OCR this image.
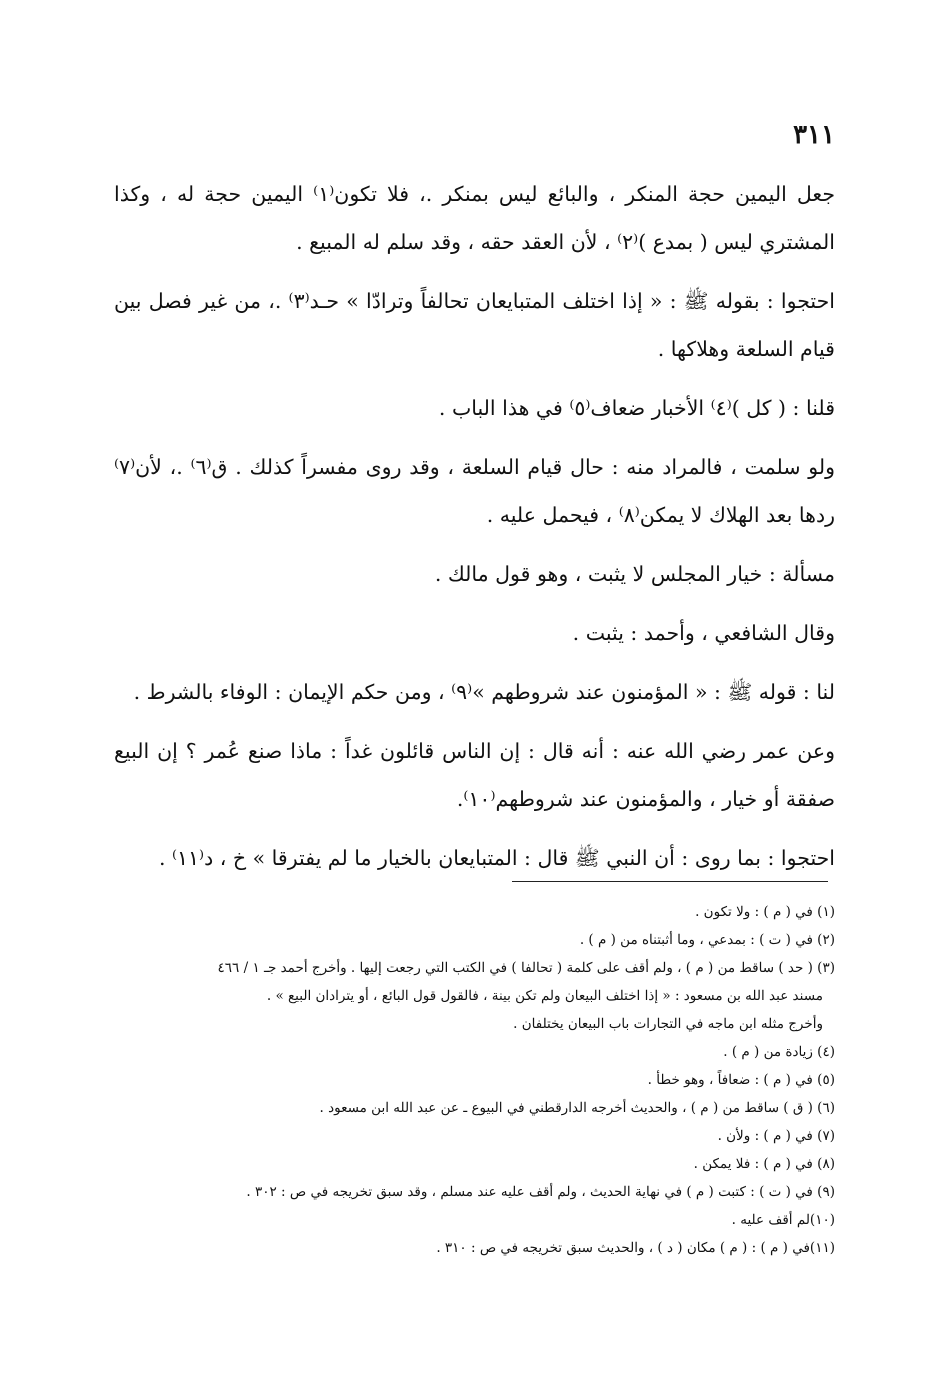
٣١١

جعل اليمين حجة المنكر ، والبائع ليس بمنكر .، فلا تكون⁽١⁾ اليمين حجة له ، وكذا المشتري ليس ( بمدع )⁽٢⁾ ، لأن العقد حقه ، وقد سلم له المبيع .

احتجوا : بقوله ﷺ : « إذا اختلف المتبايعان تحالفاً وترادّا » حـد⁽٣⁾ .، من غير فصل بين قيام السلعة وهلاكها .

قلنا : ( كل )⁽٤⁾ الأخبار ضعاف⁽٥⁾ في هذا الباب .

ولو سلمت ، فالمراد منه : حال قيام السلعة ، وقد روى مفسراً كذلك . ق⁽٦⁾ .، لأن⁽٧⁾ ردها بعد الهلاك لا يمكن⁽٨⁾ ، فيحمل عليه .

مسألة : خيار المجلس لا يثبت ، وهو قول مالك .

وقال الشافعي ، وأحمد : يثبت .

لنا : قوله ﷺ : « المؤمنون عند شروطهم »⁽٩⁾ ، ومن حكم الإيمان : الوفاء بالشرط .

وعن عمر رضي الله عنه : أنه قال : إن الناس قائلون غداً : ماذا صنع عُمر ؟ إن البيع صفقة أو خيار ، والمؤمنون عند شروطهم⁽١٠⁾.

احتجوا : بما روى : أن النبي ﷺ قال : المتبايعان بالخيار ما لم يفترقا » خ ، د⁽١١⁾ .

(١) في ( م ) : ولا تكون .
(٢) في ( ت ) : بمدعي ، وما أثبتناه من ( م ) .
(٣) ( حد ) ساقط من ( م ) ، ولم أقف على كلمة ( تحالفا ) في الكتب التي رجعت إليها . وأخرج أحمد جـ ١ / ٤٦٦
مسند عبد الله بن مسعود : « إذا اختلف البيعان ولم تكن بينة ، فالقول قول البائع ، أو يترادان البيع » .
وأخرج مثله ابن ماجه في التجارات باب البيعان يختلفان .
(٤) زيادة من ( م ) .
(٥) في ( م ) : ضعافاً ، وهو خطأ .
(٦) ( ق ) ساقط من ( م ) ، والحديث أخرجه الدارقطني في البيوع ـ عن عبد الله ابن مسعود .
(٧) في ( م ) : ولأن .
(٨) في ( م ) : فلا يمكن .
(٩) في ( ت ) : كتبت ( م ) في نهاية الحديث ، ولم أقف عليه عند مسلم ، وقد سبق تخريجه في ص : ٣٠٢ .
(١٠)لم أقف عليه .
(١١)في ( م ) : ( م ) مكان ( د ) ، والحديث سبق تخريجه في ص : ٣١٠ .
